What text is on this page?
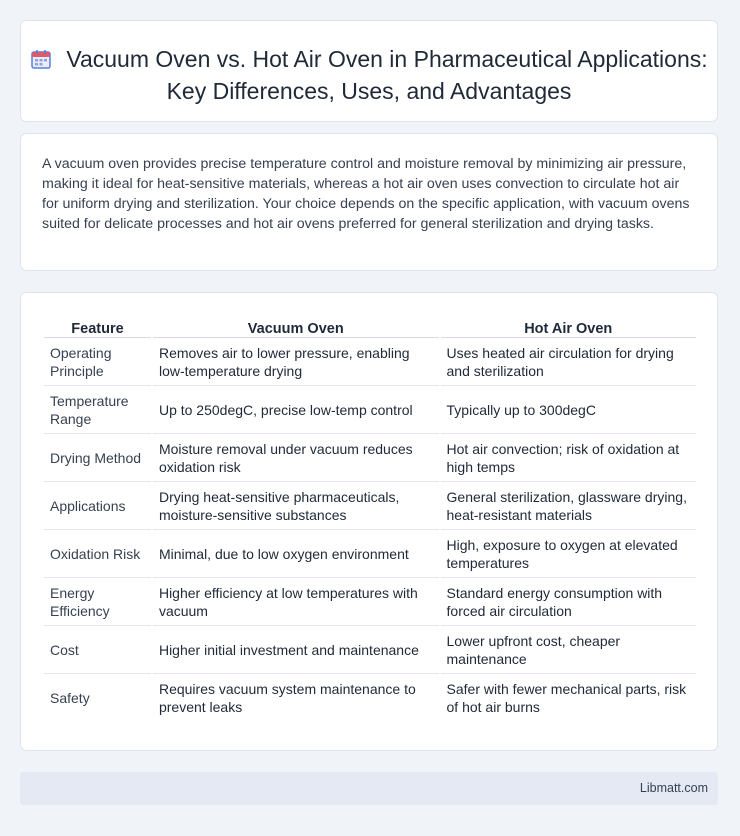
Vacuum Oven vs. Hot Air Oven in Pharmaceutical Applications: Key Differences, Uses, and Advantages

A vacuum oven provides precise temperature control and moisture removal by minimizing air pressure, making it ideal for heat-sensitive materials, whereas a hot air oven uses convection to circulate hot air for uniform drying and sterilization. Your choice depends on the specific application, with vacuum ovens suited for delicate processes and hot air ovens preferred for general sterilization and drying tasks.

Feature	Vacuum Oven	Hot Air Oven
Operating Principle	Removes air to lower pressure, enabling low-temperature drying	Uses heated air circulation for drying and sterilization
Temperature Range	Up to 250degC, precise low-temp control	Typically up to 300degC
Drying Method	Moisture removal under vacuum reduces oxidation risk	Hot air convection; risk of oxidation at high temps
Applications	Drying heat-sensitive pharmaceuticals, moisture-sensitive substances	General sterilization, glassware drying, heat-resistant materials
Oxidation Risk	Minimal, due to low oxygen environment	High, exposure to oxygen at elevated temperatures
Energy Efficiency	Higher efficiency at low temperatures with vacuum	Standard energy consumption with forced air circulation
Cost	Higher initial investment and maintenance	Lower upfront cost, cheaper maintenance
Safety	Requires vacuum system maintenance to prevent leaks	Safer with fewer mechanical parts, risk of hot air burns
Libmatt.com
